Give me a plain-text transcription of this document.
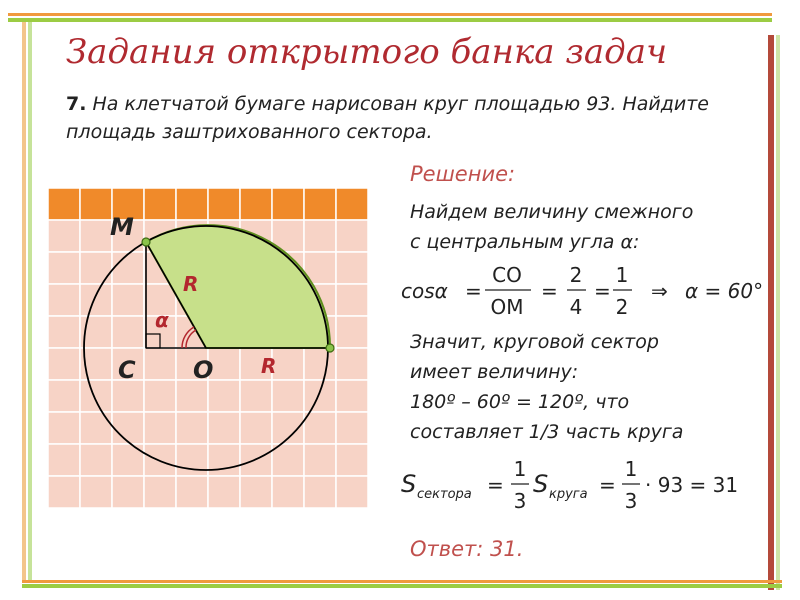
Задания открытого банка задач
7. На клетчатой бумаге нарисован круг площадью 93. Найдите площадь заштрихованного сектора.
M
C O
R
R
α
Решение:
Найдем величину смежного
с центральным угла α:
cosα =
CO
OM
=
2
4
=
1
2
⇒ α = 60°
Значит, круговой сектор
имеет величину:
180º – 60º = 120º, что
составляет 1/3 часть круга
S сектора =
1
3
S круга =
1
3
· 93 = 31
Ответ: 31.
